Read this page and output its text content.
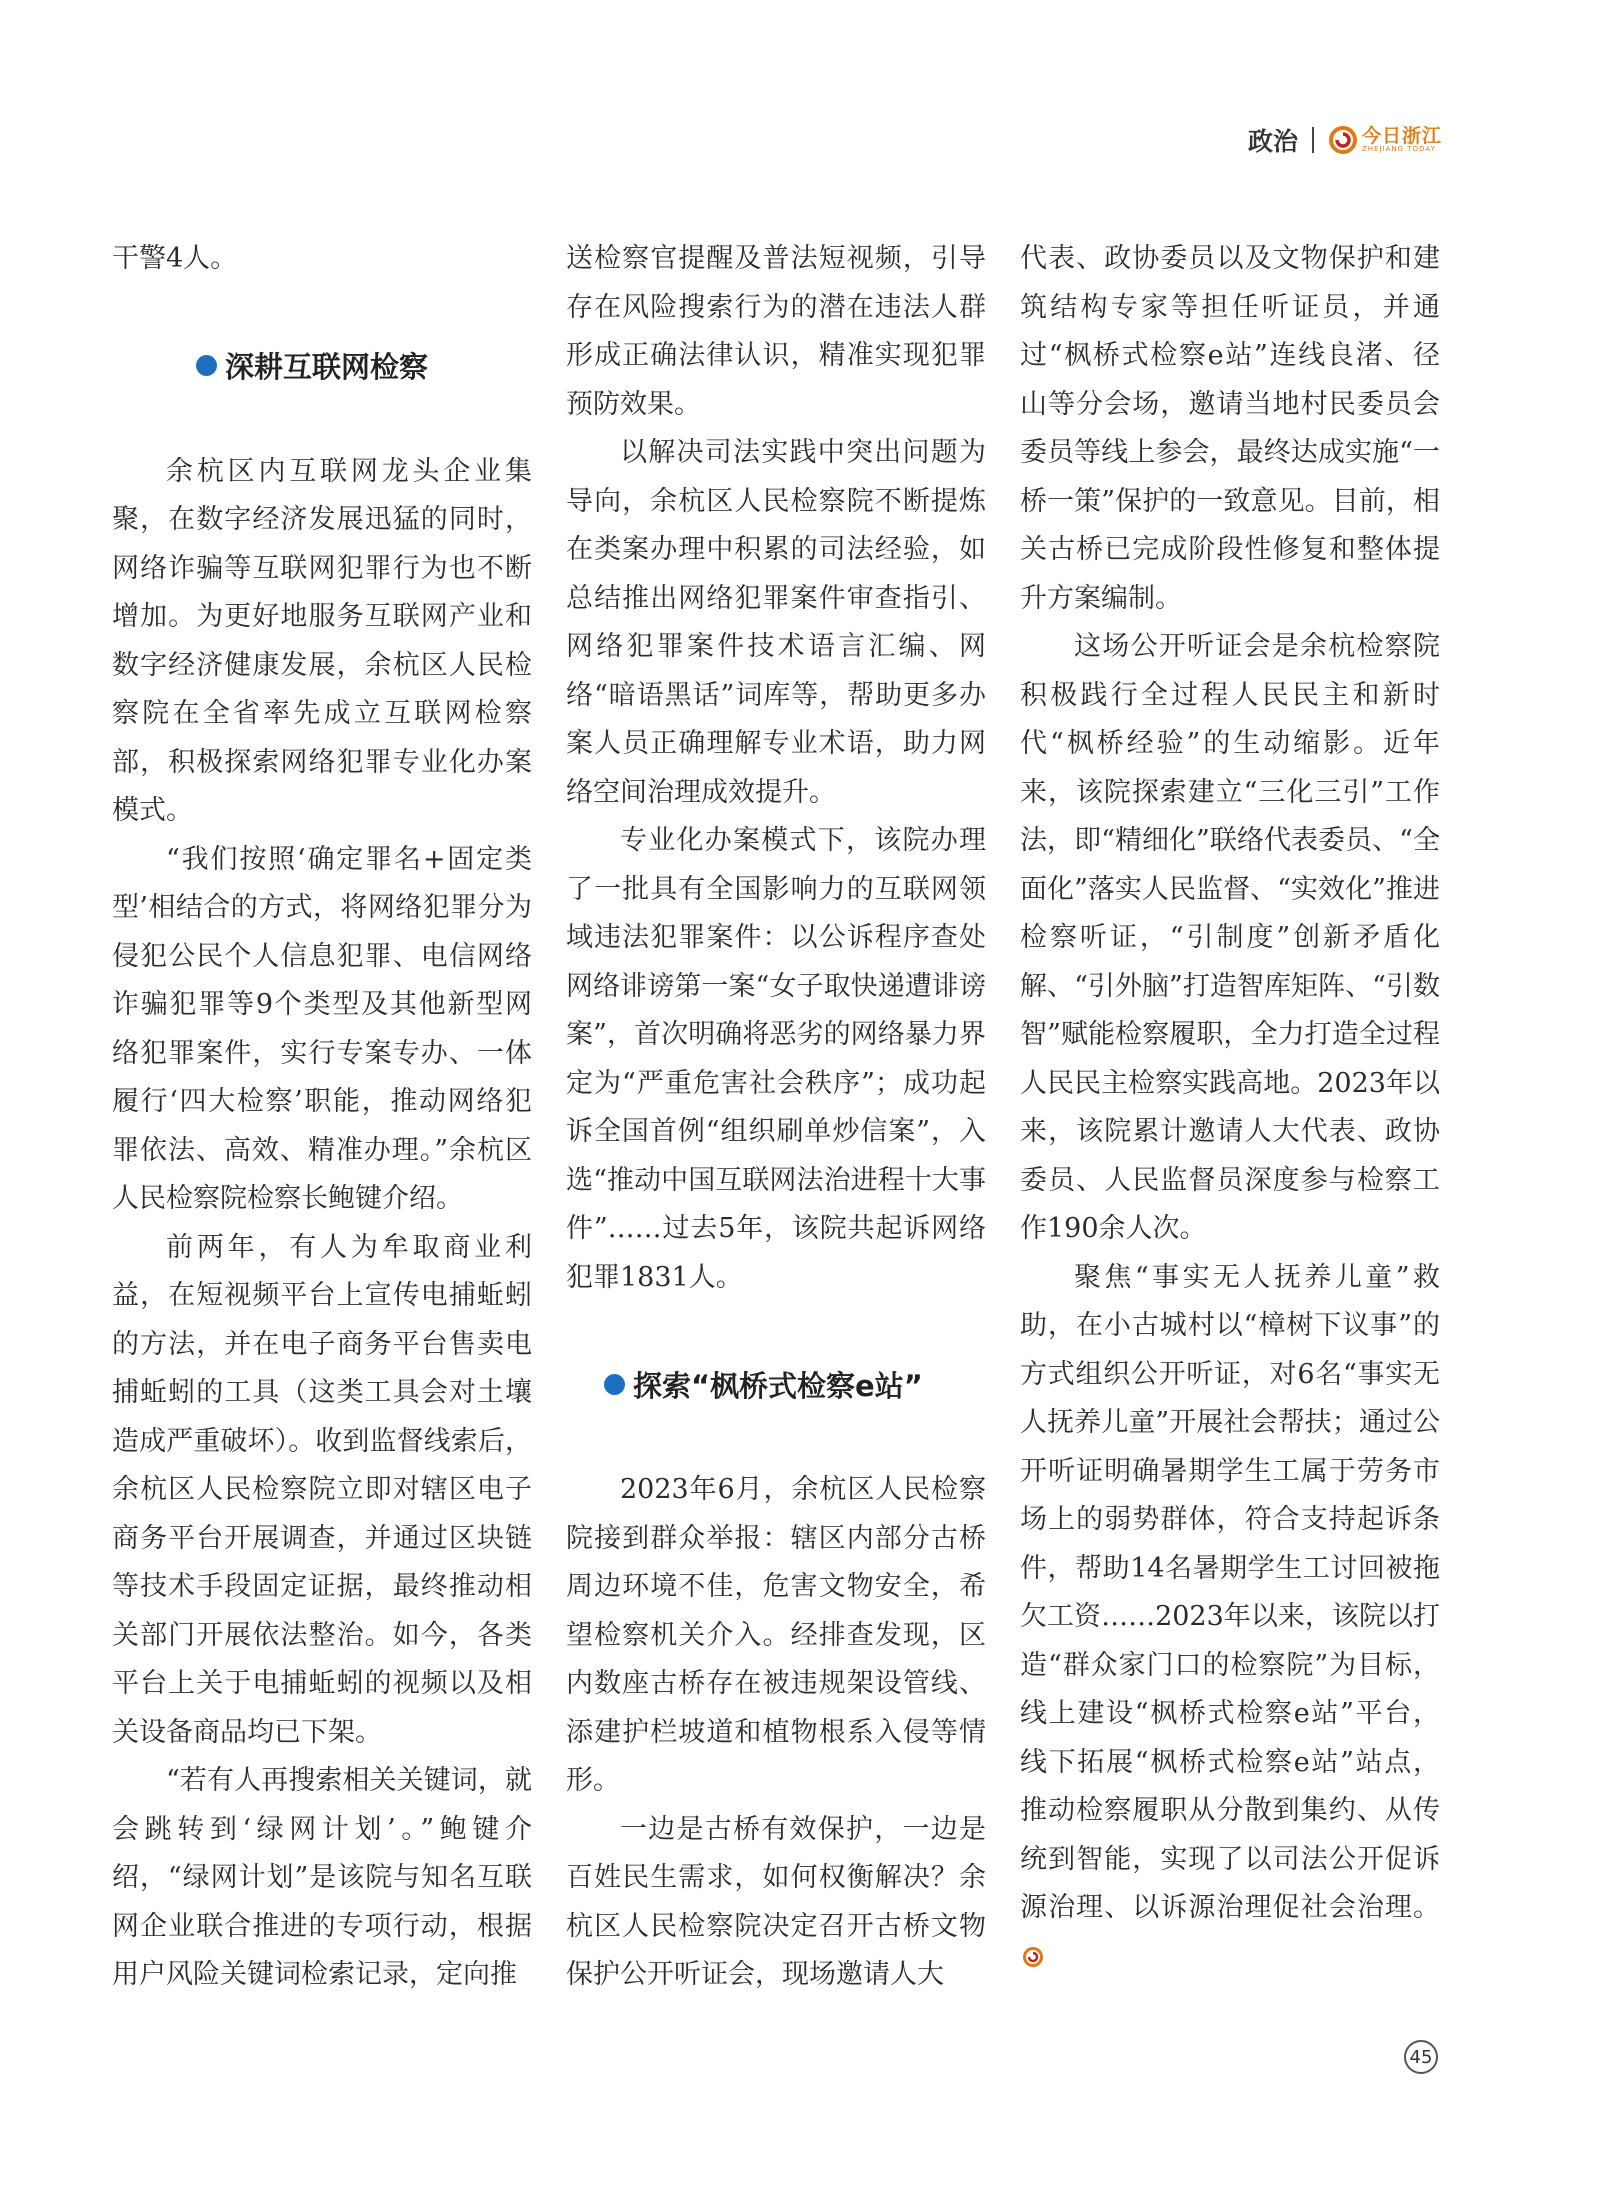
政治	今日浙江
ZHEJIANG TODAY

干警4人。

深耕互联网检察

余杭区内互联网龙头企业集聚，在数字经济发展迅猛的同时，网络诈骗等互联网犯罪行为也不断增加。为更好地服务互联网产业和数字经济健康发展，余杭区人民检察院在全省率先成立互联网检察部，积极探索网络犯罪专业化办案模式。

“我们按照‘确定罪名+固定类型’相结合的方式，将网络犯罪分为侵犯公民个人信息犯罪、电信网络诈骗犯罪等9个类型及其他新型网络犯罪案件，实行专案专办、一体履行‘四大检察’职能，推动网络犯罪依法、高效、精准办理。”余杭区人民检察院检察长鲍键介绍。

前两年，有人为牟取商业利益，在短视频平台上宣传电捕蚯蚓的方法，并在电子商务平台售卖电捕蚯蚓的工具（这类工具会对土壤造成严重破坏）。收到监督线索后，余杭区人民检察院立即对辖区电子商务平台开展调查，并通过区块链等技术手段固定证据，最终推动相关部门开展依法整治。如今，各类平台上关于电捕蚯蚓的视频以及相关设备商品均已下架。

“若有人再搜索相关关键词，就会跳转到‘绿网计划’。”鲍键介绍，“绿网计划”是该院与知名互联网企业联合推进的专项行动，根据用户风险关键词检索记录，定向推

送检察官提醒及普法短视频，引导存在风险搜索行为的潜在违法人群形成正确法律认识，精准实现犯罪预防效果。

以解决司法实践中突出问题为导向，余杭区人民检察院不断提炼在类案办理中积累的司法经验，如总结推出网络犯罪案件审查指引、网络犯罪案件技术语言汇编、网络“暗语黑话”词库等，帮助更多办案人员正确理解专业术语，助力网络空间治理成效提升。

专业化办案模式下，该院办理了一批具有全国影响力的互联网领域违法犯罪案件：以公诉程序查处网络诽谤第一案“女子取快递遭诽谤案”，首次明确将恶劣的网络暴力界定为“严重危害社会秩序”；成功起诉全国首例“组织刷单炒信案”，入选“推动中国互联网法治进程十大事件”……过去5年，该院共起诉网络犯罪1831人。

探索“枫桥式检察e站”

2023年6月，余杭区人民检察院接到群众举报：辖区内部分古桥周边环境不佳，危害文物安全，希望检察机关介入。经排查发现，区内数座古桥存在被违规架设管线、添建护栏坡道和植物根系入侵等情形。

一边是古桥有效保护，一边是百姓民生需求，如何权衡解决？余杭区人民检察院决定召开古桥文物保护公开听证会，现场邀请人大

代表、政协委员以及文物保护和建筑结构专家等担任听证员，并通过“枫桥式检察e站”连线良渚、径山等分会场，邀请当地村民委员会委员等线上参会，最终达成实施“一桥一策”保护的一致意见。目前，相关古桥已完成阶段性修复和整体提升方案编制。

这场公开听证会是余杭检察院积极践行全过程人民民主和新时代“枫桥经验”的生动缩影。近年来，该院探索建立“三化三引”工作法，即“精细化”联络代表委员、“全面化”落实人民监督、“实效化”推进检察听证，“引制度”创新矛盾化解、“引外脑”打造智库矩阵、“引数智”赋能检察履职，全力打造全过程人民民主检察实践高地。2023年以来，该院累计邀请人大代表、政协委员、人民监督员深度参与检察工作190余人次。

聚焦“事实无人抚养儿童”救助，在小古城村以“樟树下议事”的方式组织公开听证，对6名“事实无人抚养儿童”开展社会帮扶；通过公开听证明确暑期学生工属于劳务市场上的弱势群体，符合支持起诉条件，帮助14名暑期学生工讨回被拖欠工资……2023年以来，该院以打造“群众家门口的检察院”为目标，线上建设“枫桥式检察e站”平台，线下拓展“枫桥式检察e站”站点，推动检察履职从分散到集约、从传统到智能，实现了以司法公开促诉源治理、以诉源治理促社会治理。

45
